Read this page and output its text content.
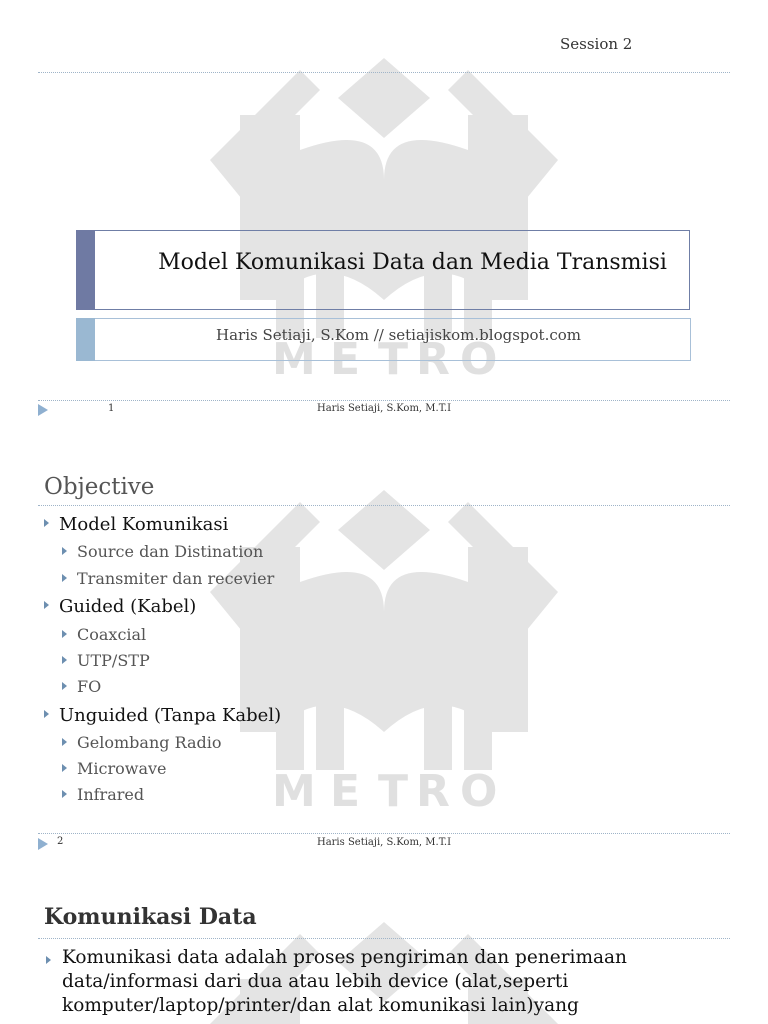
M E T R O
Session 2
Model Komunikasi Data dan Media Transmisi
Haris Setiaji, S.Kom // setiajiskom.blogspot.com
1	Haris Setiaji, S.Kom, M.T.I
M E T R O
Objective
Model Komunikasi
Source dan Distination
Transmiter dan recevier
Guided (Kabel)
Coaxcial
UTP/STP
FO
Unguided (Tanpa Kabel)
Gelombang Radio
Microwave
Infrared
2	Haris Setiaji, S.Kom, M.T.I
Komunikasi Data
Komunikasi data adalah proses pengiriman dan penerimaan
data/informasi dari dua atau lebih device (alat,seperti
komputer/laptop/printer/dan alat komunikasi lain)yang
